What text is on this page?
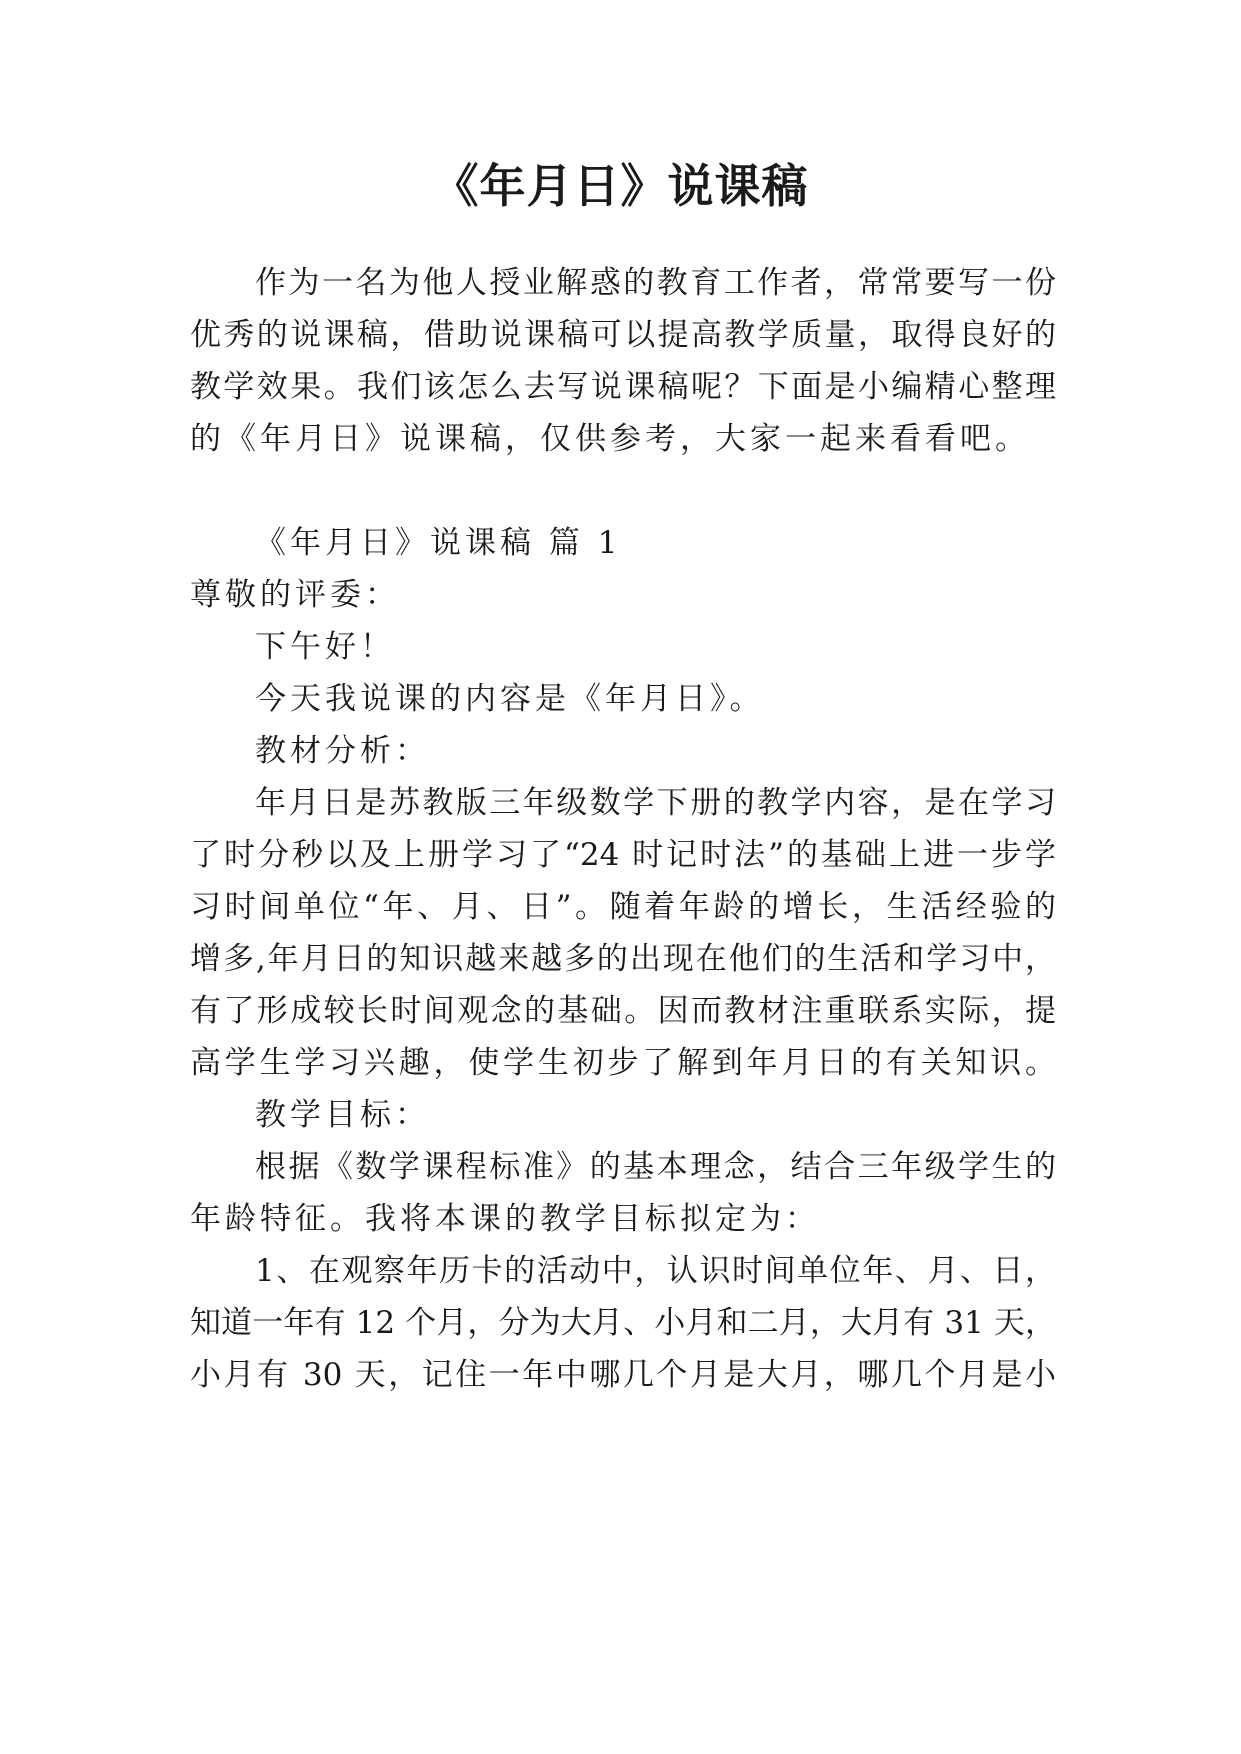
《年月日》说课稿
作为一名为他人授业解惑的教育工作者，常常要写一份
优秀的说课稿，借助说课稿可以提高教学质量，取得良好的
教学效果。我们该怎么去写说课稿呢？下面是小编精心整理
的《年月日》说课稿，仅供参考，大家一起来看看吧。
《年月日》说课稿 篇 1
尊敬的评委：
下午好！
今天我说课的内容是《年月日》。
教材分析：
年月日是苏教版三年级数学下册的教学内容，是在学习
了时分秒以及上册学习了“24 时记时法”的基础上进一步学
习时间单位“年、月、日”。随着年龄的增长，生活经验的
增多,年月日的知识越来越多的出现在他们的生活和学习中，
有了形成较长时间观念的基础。因而教材注重联系实际，提
高学生学习兴趣，使学生初步了解到年月日的有关知识。
教学目标：
根据《数学课程标准》的基本理念，结合三年级学生的
年龄特征。我将本课的教学目标拟定为：
1、在观察年历卡的活动中，认识时间单位年、月、日，
知道一年有 12 个月，分为大月、小月和二月，大月有 31 天，
小月有 30 天，记住一年中哪几个月是大月，哪几个月是小
